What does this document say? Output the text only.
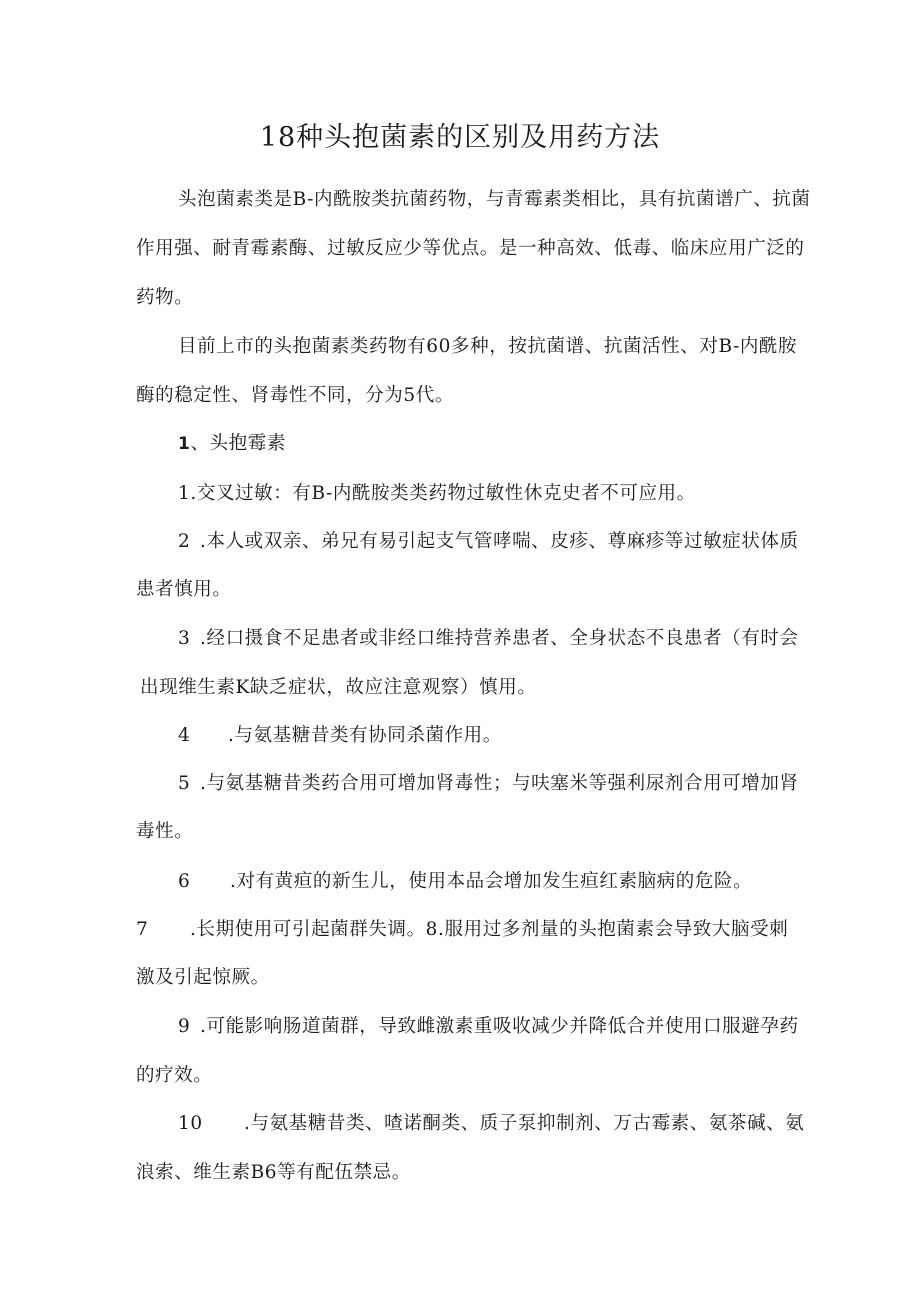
18种头抱菌素的区别及用药方法
头泡菌素类是B-内酰胺类抗菌药物，与青霉素类相比，具有抗菌谱广、抗菌
作用强、耐青霉素酶、过敏反应少等优点。是一种高效、低毒、临床应用广泛的
药物。
目前上市的头抱菌素类药物有60多种，按抗菌谱、抗菌活性、对B-内酰胺
酶的稳定性、肾毒性不同，分为5代。
1、头抱霉素
1.交叉过敏：有B-内酰胺类类药物过敏性休克史者不可应用。
2 .本人或双亲、弟兄有易引起支气管哮喘、皮疹、尊麻疹等过敏症状体质
患者慎用。
3 .经口摄食不足患者或非经口维持营养患者、全身状态不良患者（有时会
出现维生素K缺乏症状，故应注意观察）慎用。
4 .与氨基糖昔类有协同杀菌作用。
5 .与氨基糖昔类药合用可增加肾毒性；与呋塞米等强利尿剂合用可增加肾
毒性。
6 .对有黄疸的新生儿，使用本品会增加发生疸红素脑病的危险。
7 .长期使用可引起菌群失调。8.服用过多剂量的头抱菌素会导致大脑受刺
激及引起惊厥。
9 .可能影响肠道菌群，导致雌激素重吸收减少并降低合并使用口服避孕药
的疗效。
10 .与氨基糖昔类、喳诺酮类、质子泵抑制剂、万古霉素、氨茶碱、氨
浪索、维生素B6等有配伍禁忌。
